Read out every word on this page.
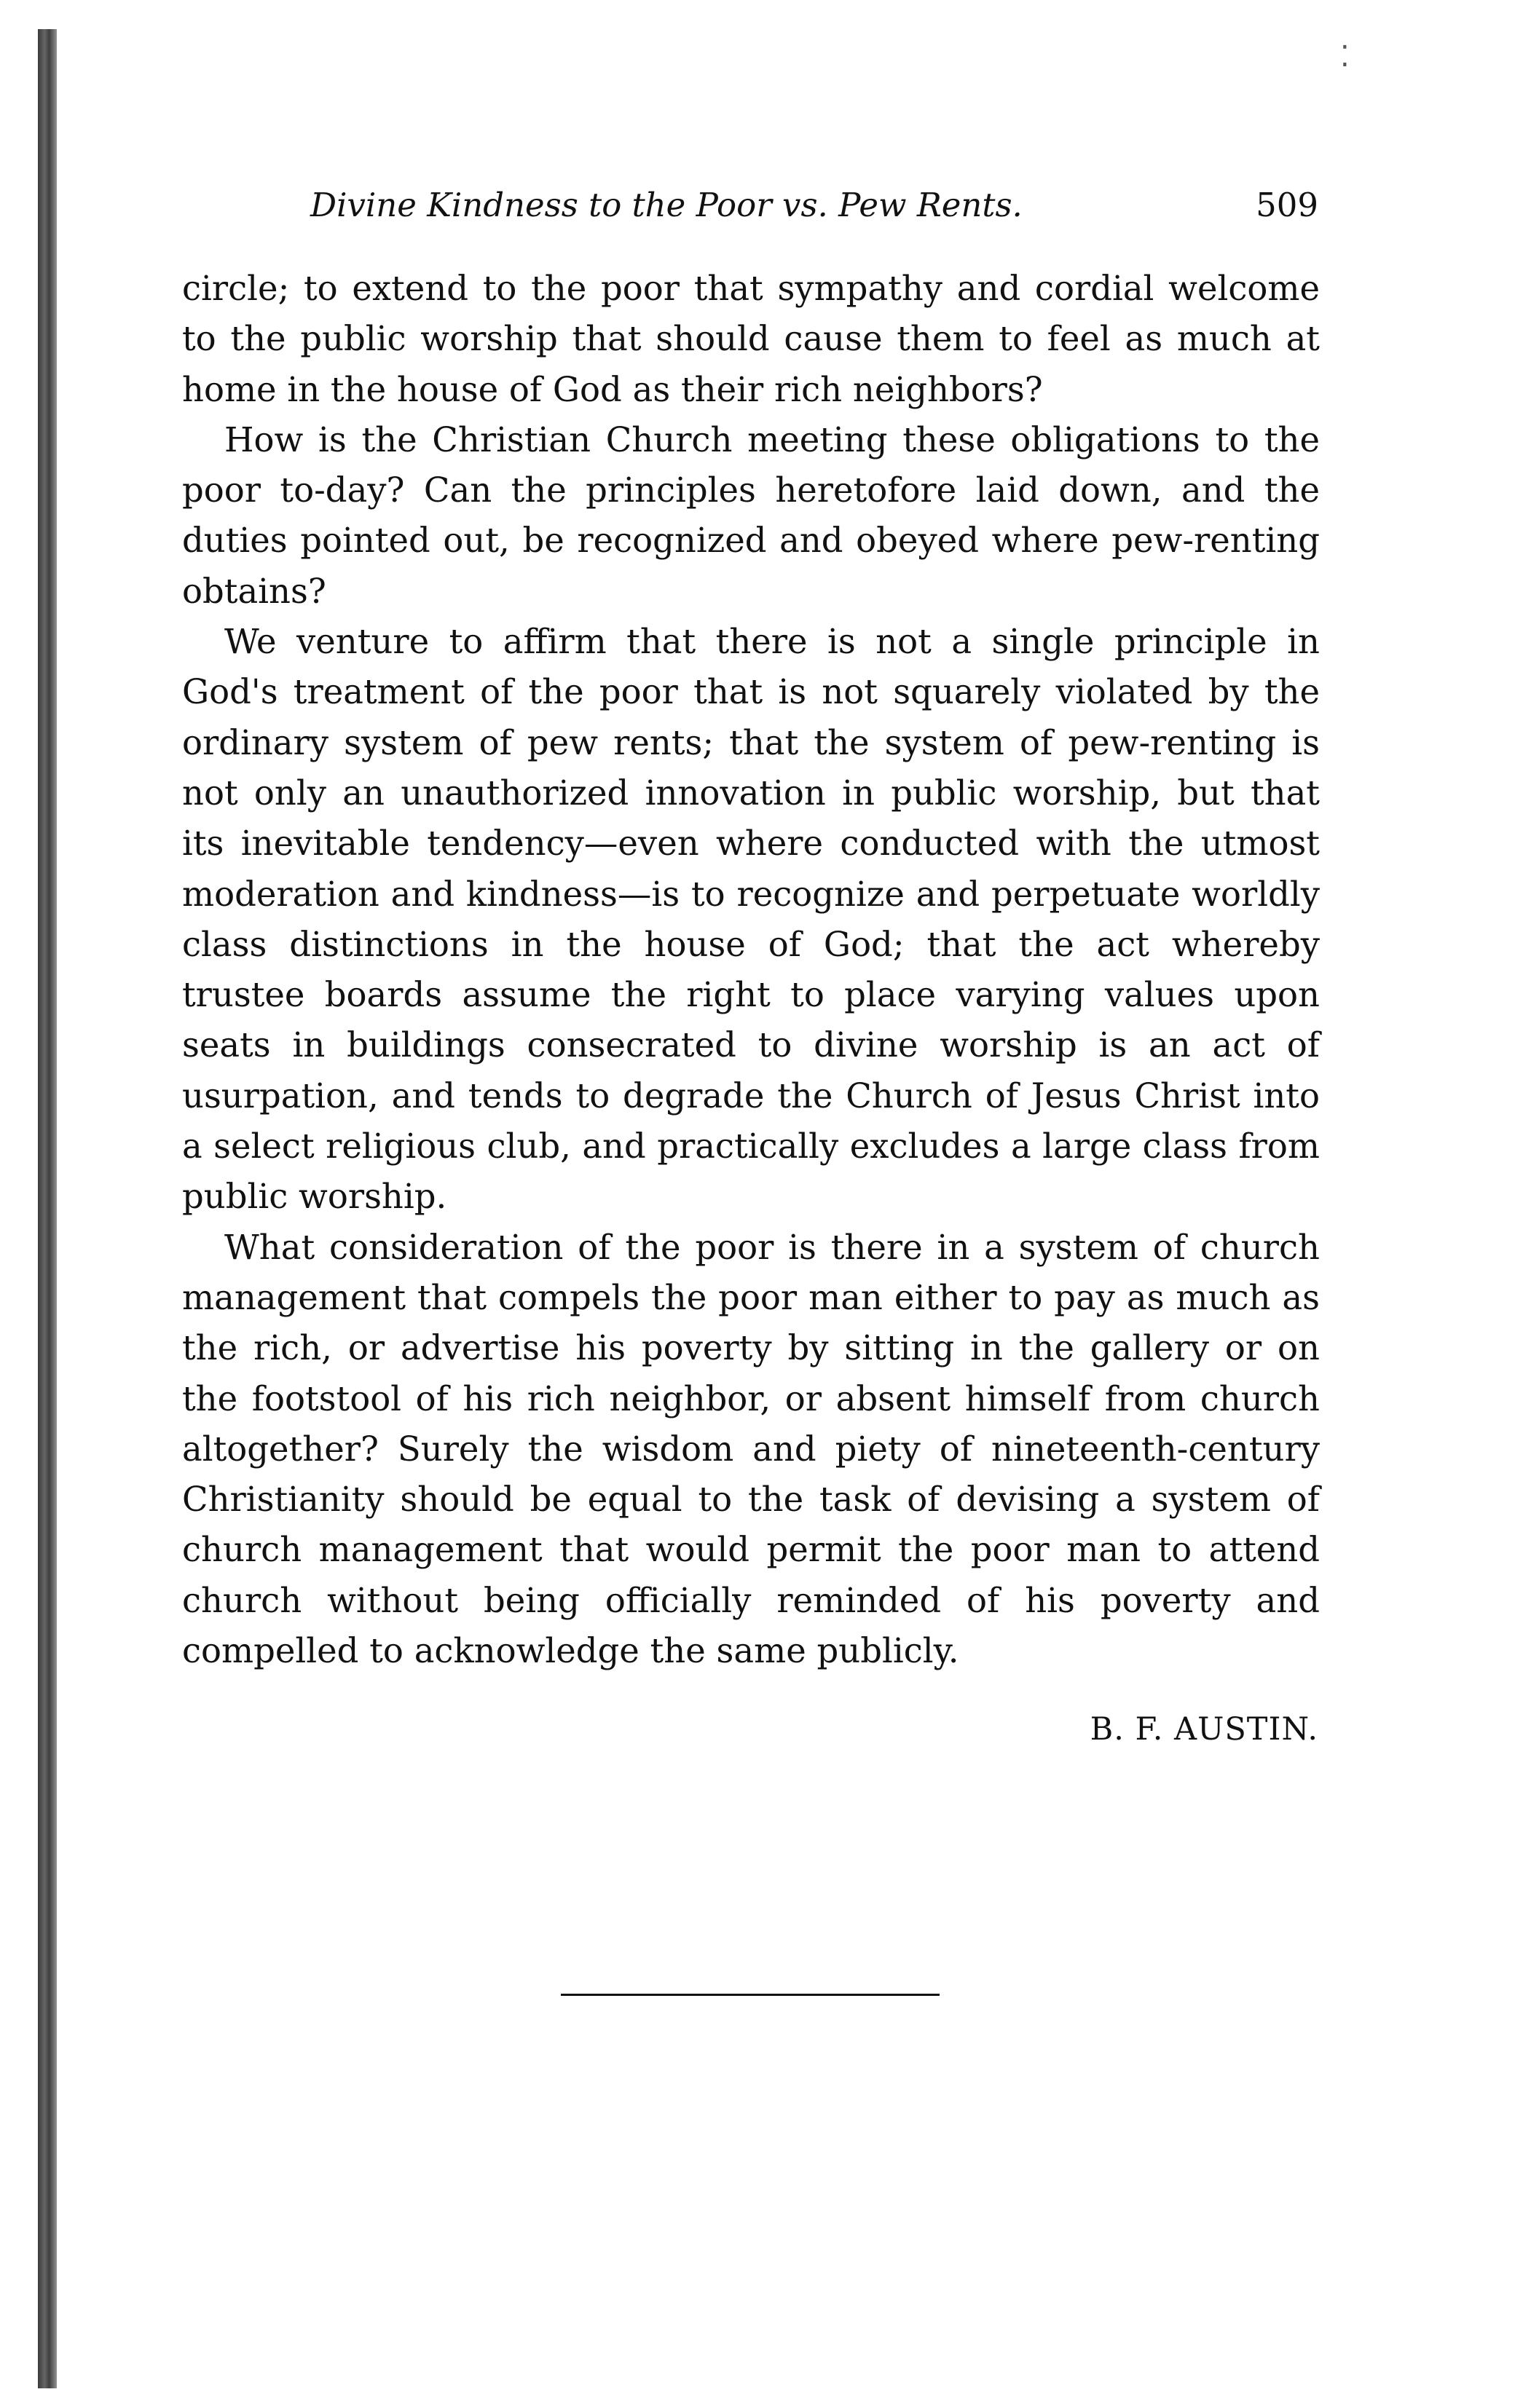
⁚
Divine Kindness to the Poor vs. Pew Rents.	509

circle; to extend to the poor that sympathy and cordial welcome to the public worship that should cause them to feel as much at home in the house of God as their rich neighbors?

How is the Christian Church meeting these obligations to the poor to-day? Can the principles heretofore laid down, and the duties pointed out, be recognized and obeyed where pew-renting obtains?

We venture to affirm that there is not a single principle in God's treatment of the poor that is not squarely violated by the ordinary system of pew rents; that the system of pew-renting is not only an unauthorized innovation in public worship, but that its inevitable tendency—even where conducted with the utmost moderation and kindness—is to recognize and perpetuate worldly class distinctions in the house of God; that the act whereby trustee boards assume the right to place varying values upon seats in buildings consecrated to divine worship is an act of usurpation, and tends to degrade the Church of Jesus Christ into a select religious club, and practically excludes a large class from public worship.

What consideration of the poor is there in a system of church management that compels the poor man either to pay as much as the rich, or advertise his poverty by sitting in the gallery or on the footstool of his rich neighbor, or absent himself from church altogether? Surely the wisdom and piety of nineteenth-century Christianity should be equal to the task of devising a system of church management that would permit the poor man to attend church without being officially reminded of his poverty and compelled to acknowledge the same publicly.

B. F. AUSTIN.
